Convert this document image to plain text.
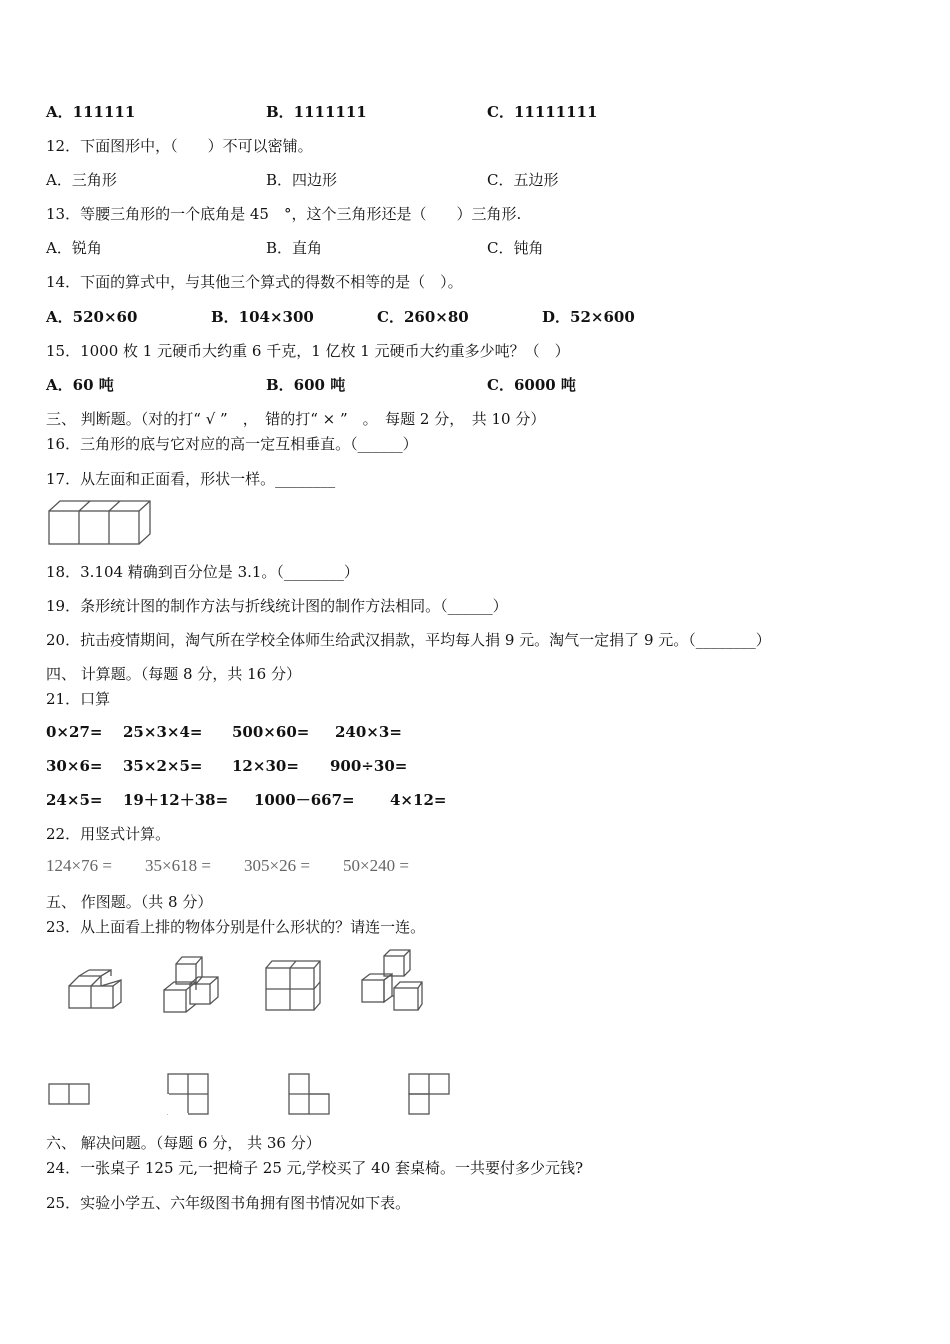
A．111111	B．1111111	C．11111111
12．下面图形中，（　　）不可以密铺。
A．三角形	B．四边形	C．五边形
13．等腰三角形的一个底角是 45　°，这个三角形还是（　　）三角形.
A．锐角	B．直角	C．钝角
14．下面的算式中，与其他三个算式的得数不相等的是（　）。
A．520×60	B．104×300	C．260×80	D．52×600
15．1000 枚 1 元硬币大约重 6 千克，1 亿枚 1 元硬币大约重多少吨？（　）
A．60 吨	B．600 吨	C．6000 吨
三、 判断题。（对的打“ √ ”　，　错的打“ × ”　。　每题 2 分，　共 10 分）
16．三角形的底与它对应的高一定互相垂直。（______）
17．从左面和正面看，形状一样。________
18．3.104 精确到百分位是 3.1。（________）
19．条形统计图的制作方法与折线统计图的制作方法相同。（______）
20．抗击疫情期间，淘气所在学校全体师生给武汉捐款，平均每人捐 9 元。淘气一定捐了 9 元。（________）
四、 计算题。（每题 8 分，共 16 分）
21．口算
0×27= 25×3×4= 500×60= 240×3=
30×6= 35×2×5= 12×30= 900÷30=
24×5= 19＋12＋38= 1000－667= 4×12=
22．用竖式计算。
124×76 = 35×618 = 305×26 = 50×240 =
五、 作图题。（共 8 分）
23．从上面看上排的物体分别是什么形状的？请连一连。
六、 解决问题。（每题 6 分， 共 36 分）
24．一张桌子 125 元,一把椅子 25 元,学校买了 40 套桌椅。一共要付多少元钱?
25．实验小学五、六年级图书角拥有图书情况如下表。
